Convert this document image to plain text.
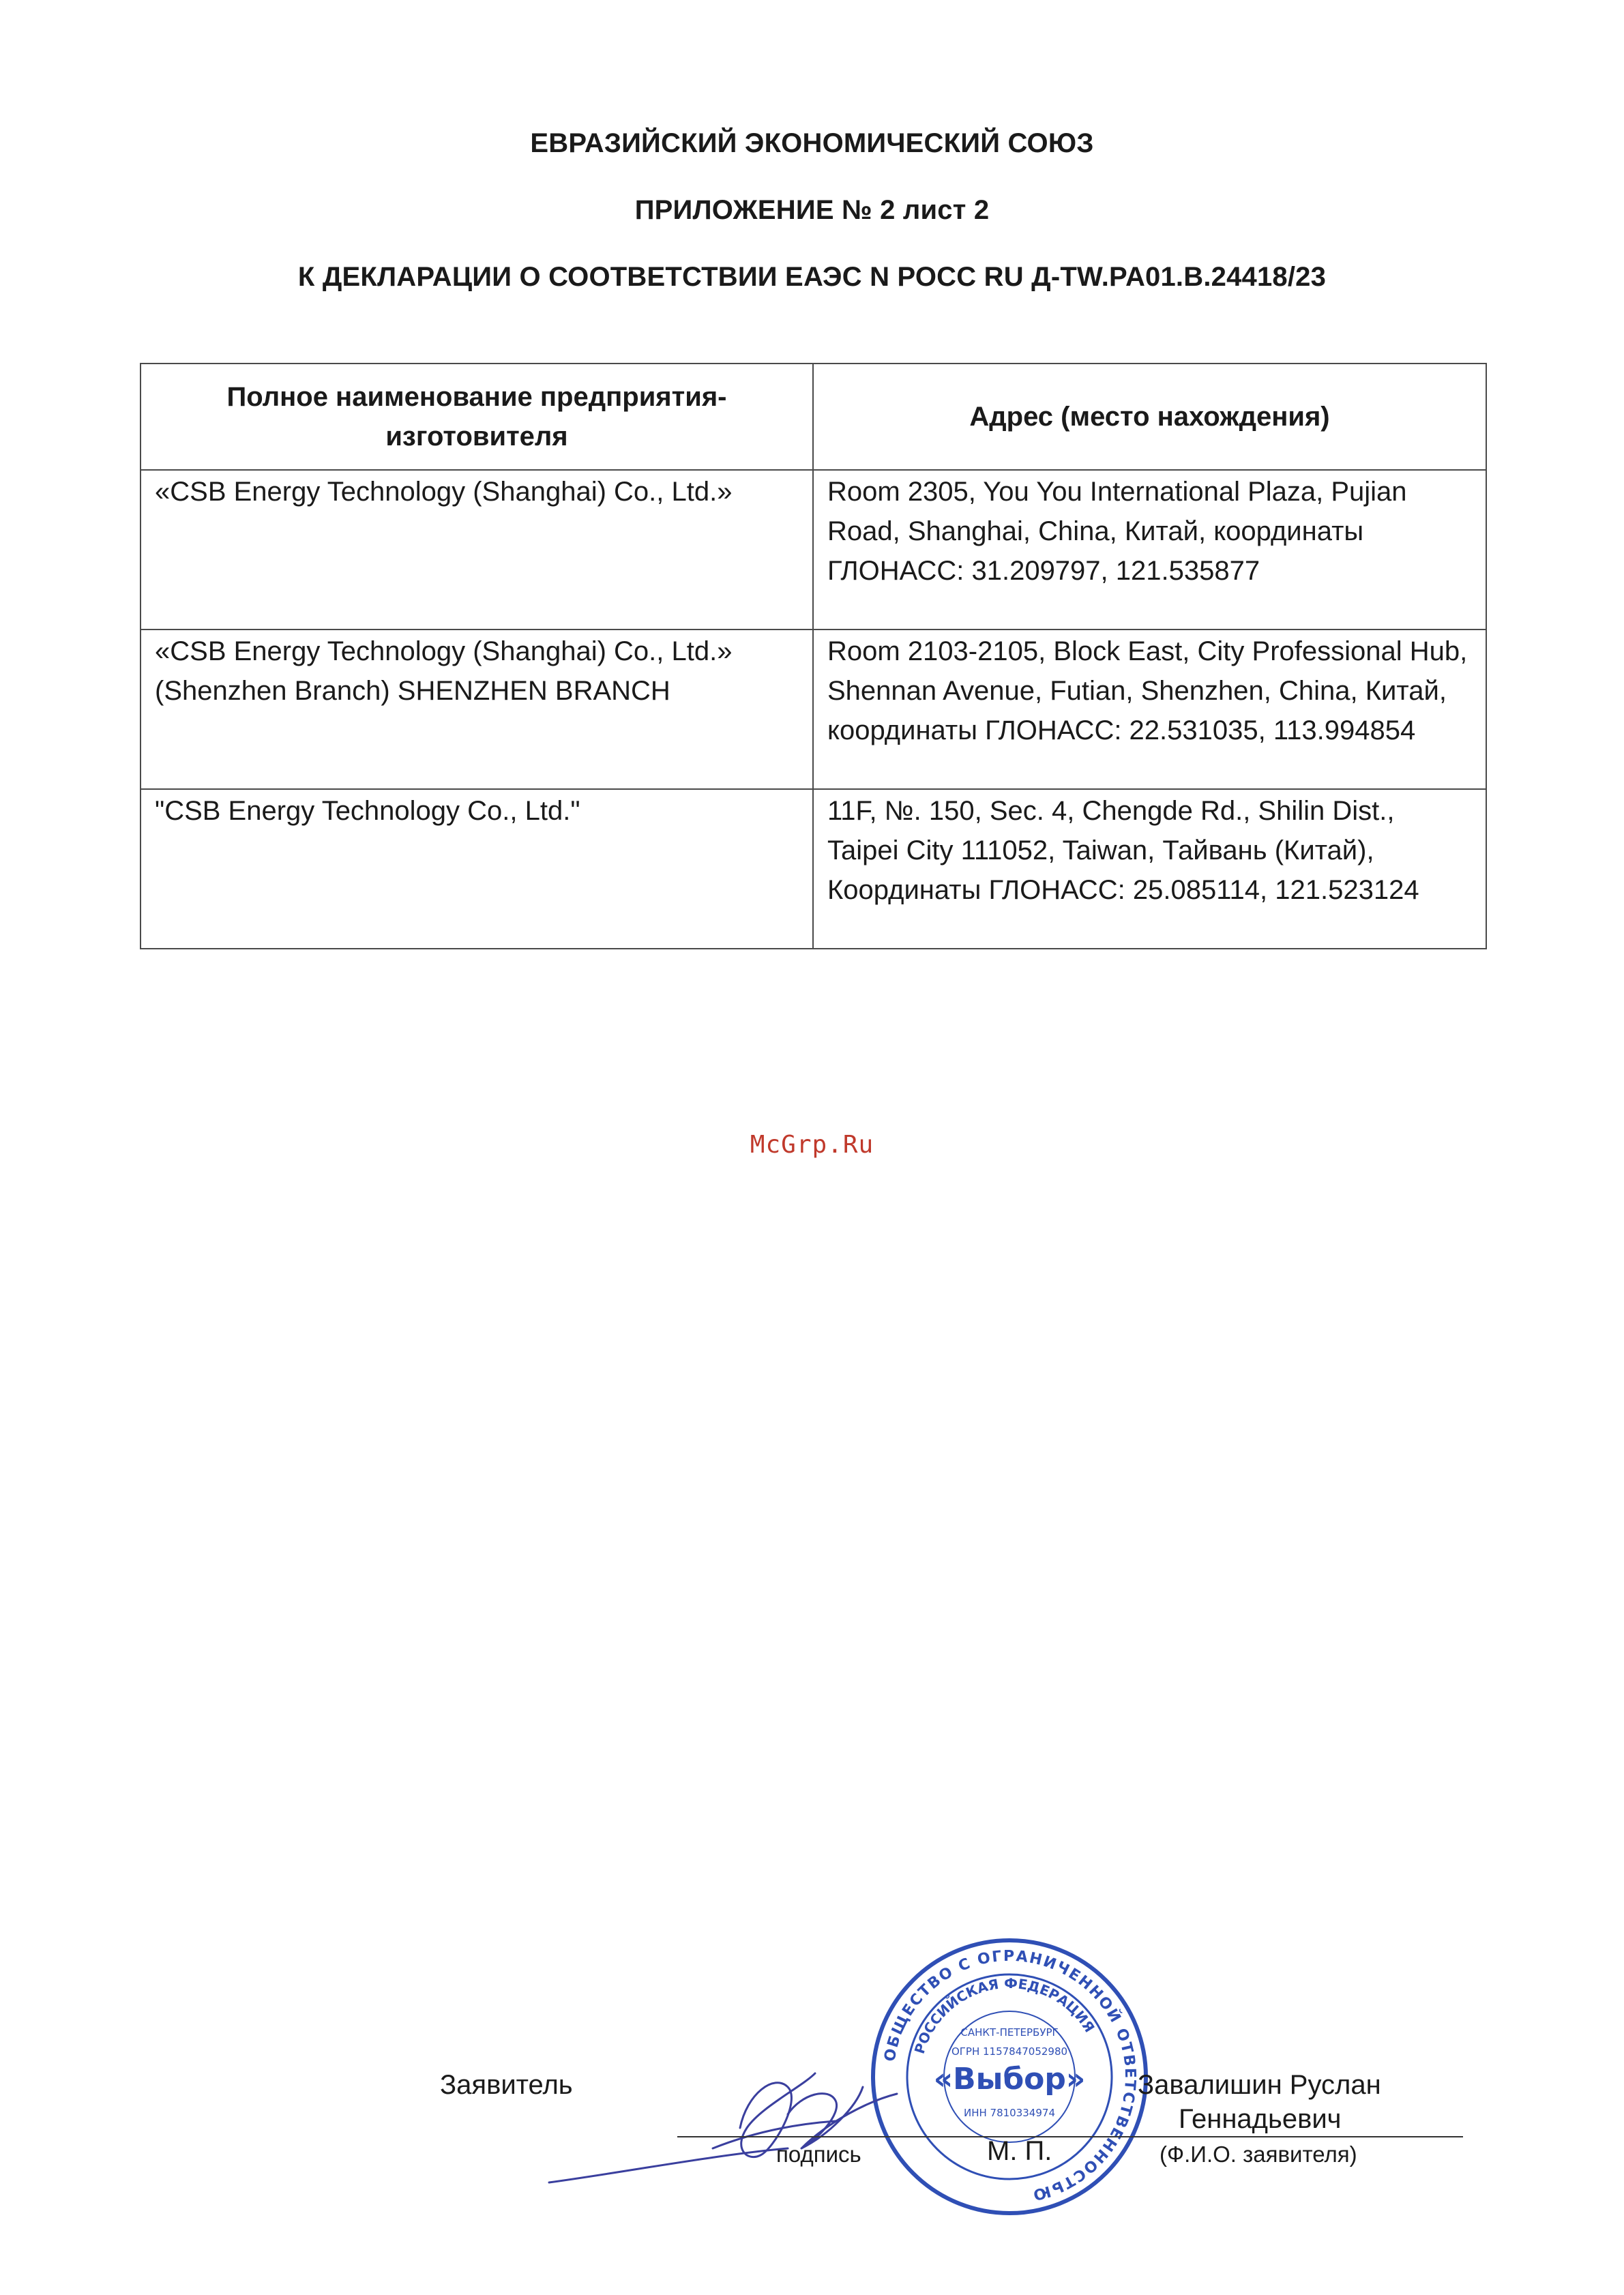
ЕВРАЗИЙСКИЙ ЭКОНОМИЧЕСКИЙ СОЮЗ
ПРИЛОЖЕНИЕ № 2 лист 2
К ДЕКЛАРАЦИИ О СООТВЕТСТВИИ ЕАЭС N РОСС RU Д-TW.PA01.B.24418/23
Полное наименование предприятия-изготовителя	Адрес (место нахождения)
«CSB Energy Technology (Shanghai) Co., Ltd.»	Room 2305, You You International Plaza, Pujian Road, Shanghai, China, Китай, координаты ГЛОНАСС: 31.209797, 121.535877
«CSB Energy Technology (Shanghai) Co., Ltd.» (Shenzhen Branch) SHENZHEN BRANCH	Room 2103-2105, Block East, City Professional Hub, Shennan Avenue, Futian, Shenzhen, China, Китай, координаты ГЛОНАСС: 22.531035, 113.994854
"CSB Energy Technology Co., Ltd."	11F, №. 150, Sec. 4, Chengde Rd., Shilin Dist., Taipei City 111052, Taiwan, Тайвань (Китай), Координаты ГЛОНАСС: 25.085114, 121.523124
McGrp.Ru
ОБЩЕСТВО С ОГРАНИЧЕННОЙ ОТВЕТСТВЕННОСТЬЮ
РОССИЙСКАЯ ФЕДЕРАЦИЯ
САНКТ-ПЕТЕРБУРГ
ОГРН 1157847052980
«Выбор»
ИНН 7810334974
Заявитель	Завалишин Руслан
Геннадьевич
подпись	М. П.	(Ф.И.О. заявителя)
